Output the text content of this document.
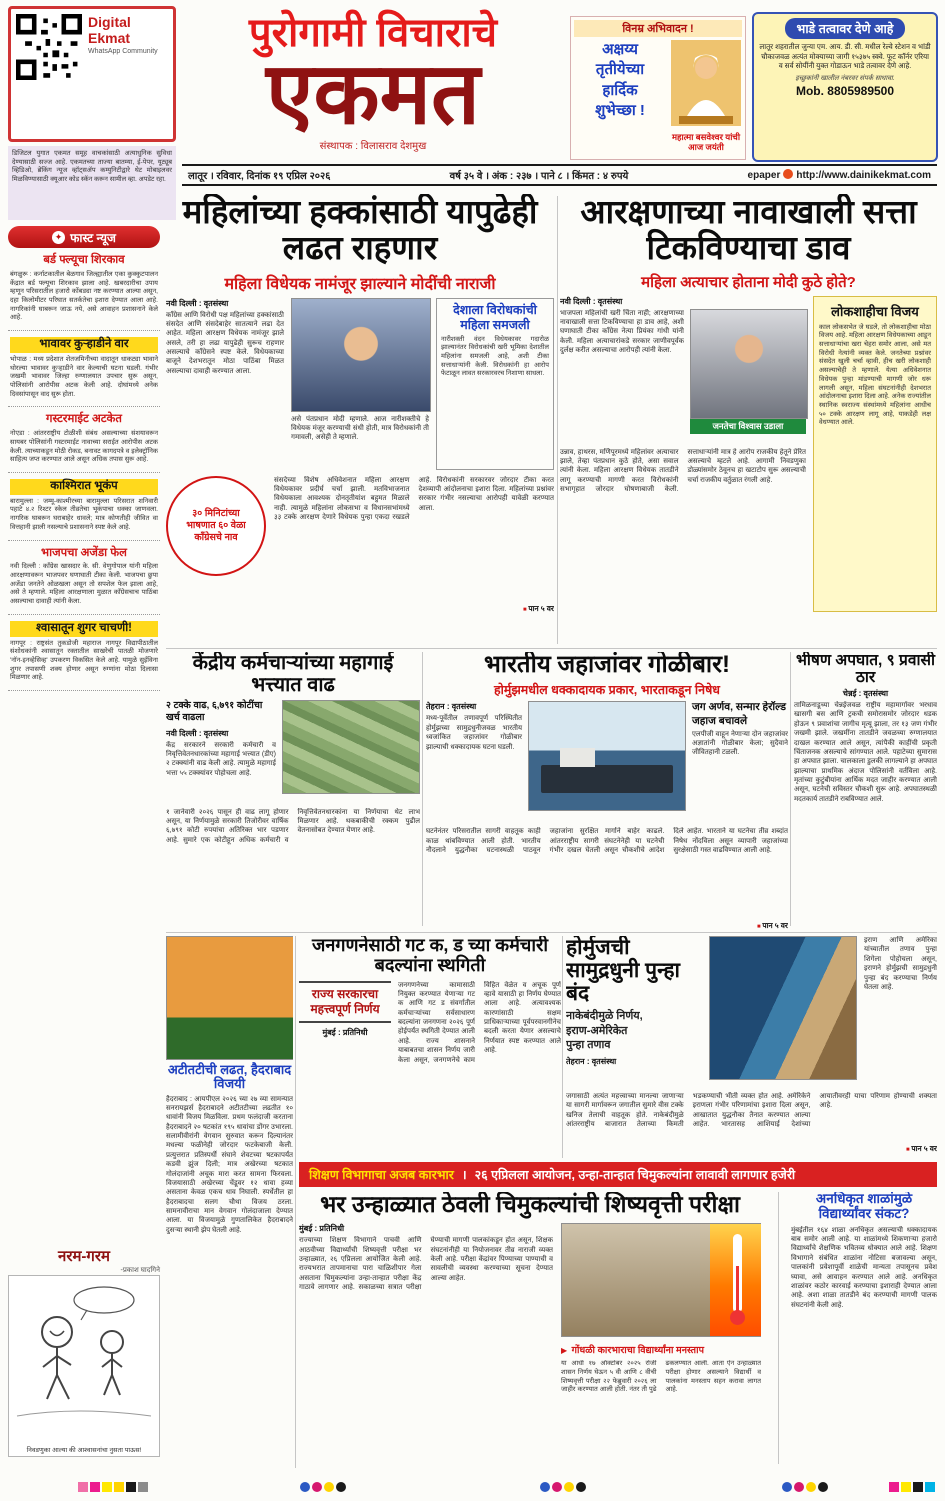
Digital Ekmat
WhatsApp Community
डिजिटल युगात एकमत समूह वाचकांसाठी अत्याधुनिक सुविधा देण्यासाठी सज्ज आहे. एकमतच्या ताज्या बातम्या, ई-पेपर, यूट्यूब व्हिडिओ, ब्रेकिंग न्यूज व्हॉट्सॲप कम्युनिटीद्वारे थेट मोबाइलवर मिळविण्यासाठी क्यूआर कोड स्कॅन करून सामील व्हा. अपडेट रहा.
पुरोगामी विचाराचे
एकमत
संस्थापक : विलासराव देशमुख
विनम्र अभिवादन !
अक्षय्य
तृतीयेच्या
हार्दिक
शुभेच्छा !
महात्मा बसवेश्वर यांची
आज जयंती
भाडे तत्वावर देणे आहे
लातूर शहरातील जुन्या एम. आय. डी. सी. मधील रेल्वे स्टेशन व भांडी चौकाजवळ अत्यंत मोक्याच्या जागी १५३७५ स्क्वे. फूट कॉर्नर एरिया व सर्व सोयींनी युक्त गोडाऊन भाडे तत्वावर देणे आहे.
इच्छुकांनी खालील नंबरवर संपर्क साधावा.
Mob. 8805989500
लातूर । रविवार, दिनांक १९ एप्रिल २०२६	वर्ष ३५ वे । अंक : २३७ । पाने ८ । किंमत : ४ रुपये	epaper http://www.dainikekmat.com
✦ फास्ट न्यूज
बर्ड फ्ल्यूचा शिरकाव
बंगळुरू : कर्नाटकातील बेळगाव जिल्ह्यातील एका कुक्कुटपालन केंद्रात बर्ड फ्ल्यूचा शिरकाव झाला आहे. खबरदारीचा उपाय म्हणून परिसरातील हजारो कोंबड्या नष्ट करण्यात आल्या असून, दहा किलोमीटर परिघात सतर्कतेचा इशारा देण्यात आला आहे. नागरिकांनी घाबरून जाऊ नये, असे आवाहन प्रशासनाने केले आहे.
भावावर कुऱ्हाडीने वार
भोपाळ : मध्य प्रदेशात शेतजमिनीच्या वादातून धाकट्या भावाने थोरल्या भावावर कुऱ्हाडीने वार केल्याची घटना घडली. गंभीर जखमी भावावर जिल्हा रुग्णालयात उपचार सुरू असून, पोलिसांनी आरोपीस अटक केली आहे. दोघांमध्ये अनेक दिवसांपासून वाद सुरू होता.
गस्टरमाईट अटकेत
नोएडा : आंतरराष्ट्रीय टोळीशी संबंध असल्याच्या संशयावरून सायबर पोलिसांनी गस्टरमाईट नावाच्या सराईत आरोपीस अटक केली. त्याच्याकडून मोठी रोकड, बनावट कागदपत्रे व इलेक्ट्रॉनिक साहित्य जप्त करण्यात आले असून अधिक तपास सुरू आहे.
काश्मिरात भूकंप
बारामुल्ला : जम्मू-काश्मीरच्या बारामुल्ला परिसरात शनिवारी पहाटे ४.२ रिश्टर स्केल तीव्रतेचा भूकंपाचा धक्का जाणवला. नागरिक घाबरून घराबाहेर धावले; मात्र कोणतीही जीवित वा वित्तहानी झाली नसल्याचे प्रशासनाने स्पष्ट केले आहे.
भाजपचा अजेंडा फेल
नवी दिल्ली : काँग्रेस खासदार के. सी. वेणुगोपाल यांनी महिला आरक्षणावरून भाजपवर घणाघाती टीका केली. भाजपचा छुपा अजेंडा जनतेने ओळखला असून तो सपशेल फेल झाला आहे, असे ते म्हणाले. महिला आरक्षणाला मुळात काँग्रेसचाच पाठिंबा असल्याचा दावाही त्यांनी केला.
श्वासातून शुगर चाचणी!
नागपूर : राष्ट्रसंत तुकडोजी महाराज नागपूर विद्यापीठातील संशोधकांनी श्वासातून रक्तातील साखरेची पातळी मोजणारे 'नॉन-इनव्हेसिव्ह' उपकरण विकसित केले आहे. यामुळे सुईविना शुगर तपासणी शक्य होणार असून रुग्णांना मोठा दिलासा मिळणार आहे.
नरम-गरम
-प्रकाश घादगिने
निवडणुका आल्या की आश्वासनांचा नुसता पाऊस!
महिलांच्या हक्कांसाठी यापुढेही लढत राहणार
महिला विधेयक नामंजूर झाल्याने मोदींची नाराजी
नवी दिल्ली : वृतसंस्था
काँग्रेस आणि विरोधी पक्ष महिलांच्या हक्कांसाठी संसदेत आणि संसदेबाहेर सातत्याने लढा देत आहेत. महिला आरक्षण विधेयक नामंजूर झाले असले, तरी हा लढा यापुढेही सुरूच राहणार असल्याचे काँग्रेसने स्पष्ट केले. विधेयकाच्या बाजूने देशभरातून मोठा पाठिंबा मिळत असल्याचा दावाही करण्यात आला.
असे पंतप्रधान मोदी म्हणाले. आज नारीशक्तीचे हे विधेयक मंजूर करण्याची संधी होती, मात्र विरोधकांनी ती गमावली, असेही ते म्हणाले.
देशाला विरोधकांची महिला समजली
नारीशक्ती वंदन विधेयकावर गदारोळ झाल्यानंतर विरोधकांची खरी भूमिका देशातील महिलांना समजली आहे, अशी टीका सत्ताधाऱ्यांनी केली. विरोधकांनी हा आरोप फेटाळून लावत सरकारवरच निशाणा साधला.
३० मिनिटांच्या भाषणात ६० वेळा काँग्रेसचे नाव
संसदेच्या विशेष अधिवेशनात महिला आरक्षण विधेयकावर प्रदीर्घ चर्चा झाली. मतविभाजनात विधेयकाला आवश्यक दोनतृतीयांश बहुमत मिळाले नाही. त्यामुळे महिलांना लोकसभा व विधानसभांमध्ये ३३ टक्के आरक्षण देणारे विधेयक पुन्हा एकदा रखडले आहे. विरोधकांनी सरकारवर जोरदार टीका करत देशव्यापी आंदोलनाचा इशारा दिला. महिलांच्या प्रश्नांवर सरकार गंभीर नसल्याचा आरोपही यावेळी करण्यात आला.
■ पान ५ वर
आरक्षणाच्या नावाखाली सत्ता टिकविण्याचा डाव
महिला अत्याचार होताना मोदी कुठे होते?
नवी दिल्ली : वृतसंस्था
भाजपला महिलांची खरी चिंता नाही; आरक्षणाच्या नावाखाली सत्ता टिकविण्याचा हा डाव आहे, अशी घणाघाती टीका काँग्रेस नेत्या प्रियंका गांधी यांनी केली. महिला अत्याचारांकडे सरकार जाणीवपूर्वक दुर्लक्ष करीत असल्याचा आरोपही त्यांनी केला.
जनतेचा विश्वास उडाला
उन्नाव, हाथरस, मणिपूरमध्ये महिलांवर अत्याचार झाले, तेव्हा पंतप्रधान कुठे होते, असा सवाल त्यांनी केला. महिला आरक्षण विधेयक तातडीने लागू करण्याची मागणी करत विरोधकांनी सभागृहात जोरदार घोषणाबाजी केली. सत्ताधाऱ्यांनी मात्र हे आरोप राजकीय हेतूने प्रेरित असल्याचे म्हटले आहे. आगामी निवडणुका डोळ्यांसमोर ठेवूनच हा खटाटोप सुरू असल्याची चर्चा राजकीय वर्तुळात रंगली आहे.
लोकशाहीचा विजय
काल लोकसभेत जे घडले, तो लोकशाहीचा मोठा विजय आहे. महिला आरक्षण विधेयकाच्या आडून सत्ताधाऱ्यांचा खरा चेहरा समोर आला, असे मत विरोधी नेत्यांनी व्यक्त केले. जनतेच्या प्रश्नांवर संसदेत खुली चर्चा व्हावी, हीच खरी लोकशाही असल्याचेही ते म्हणाले. येत्या अधिवेशनात विधेयक पुन्हा मांडण्याची मागणी जोर धरू लागली असून, महिला संघटनांनीही देशभरात आंदोलनाचा इशारा दिला आहे. अनेक राज्यांतील स्थानिक स्वराज्य संस्थांमध्ये महिलांना आधीच ५० टक्के आरक्षण लागू आहे, याकडेही लक्ष वेधण्यात आले.
केंद्रीय कर्मचाऱ्यांच्या महागाई भत्त्यात वाढ
२ टक्के वाढ, ६,७९१ कोटींचा खर्च वाढला
नवी दिल्ली : वृतसंस्था
केंद्र सरकारने सरकारी कर्मचारी व निवृत्तिवेतनधारकांच्या महागाई भत्त्यात (डीए) २ टक्क्यांनी वाढ केली आहे. त्यामुळे महागाई भत्ता ५५ टक्क्यांवर पोहोचला आहे.
१ जानेवारी २०२६ पासून ही वाढ लागू होणार असून, या निर्णयामुळे सरकारी तिजोरीवर वार्षिक ६,७९१ कोटी रुपयांचा अतिरिक्त भार पडणार आहे. सुमारे एक कोटीहून अधिक कर्मचारी व निवृत्तिवेतनधारकांना या निर्णयाचा थेट लाभ मिळणार आहे. थकबाकीची रक्कम पुढील वेतनासोबत देण्यात येणार आहे.
भारतीय जहाजांवर गोळीबार!
होर्मुझमधील धक्कादायक प्रकार, भारताकडून निषेध
तेहरान : वृतसंस्था
मध्य-पूर्वेतील तणावपूर्ण परिस्थितीत होर्मुझच्या सामुद्रधुनीजवळ भारतीय ध्वजांकित जहाजांवर गोळीबार झाल्याची धक्कादायक घटना घडली.
जग अर्णव, सन्मार हेरॉल्ड जहाज बचावले
एलपीजी वाहून नेणाऱ्या दोन जहाजांवर अज्ञातांनी गोळीबार केला; सुदैवाने जीवितहानी टळली.
घटनेनंतर परिसरातील सागरी वाहतूक काही काळ थांबविण्यात आली होती. भारतीय नौदलाने युद्धनौका घटनास्थळी पाठवून जहाजांना सुरक्षित मार्गाने बाहेर काढले. आंतरराष्ट्रीय सागरी संघटनेनेही या घटनेची गंभीर दखल घेतली असून चौकशीचे आदेश दिले आहेत. भारताने या घटनेचा तीव्र शब्दांत निषेध नोंदविला असून व्यापारी जहाजांच्या सुरक्षेसाठी गस्त वाढविण्यात आली आहे.
■ पान ५ वर
भीषण अपघात, ९ प्रवासी ठार
चेन्नई : वृतसंस्था
तामिळनाडूच्या चेन्नईजवळ राष्ट्रीय महामार्गावर भरधाव खासगी बस आणि ट्रकची समोरासमोर जोरदार धडक होऊन ९ प्रवाशांचा जागीच मृत्यू झाला, तर १३ जण गंभीर जखमी झाले. जखमींना तातडीने जवळच्या रुग्णालयात दाखल करण्यात आले असून, त्यांपैकी काहींची प्रकृती चिंताजनक असल्याचे सांगण्यात आले. पहाटेच्या सुमारास हा अपघात झाला. चालकाला डुलकी लागल्याने हा अपघात झाल्याचा प्राथमिक अंदाज पोलिसांनी वर्तविला आहे. मृतांच्या कुटुंबीयांना आर्थिक मदत जाहीर करण्यात आली असून, घटनेची सविस्तर चौकशी सुरू आहे. अपघातस्थळी मदतकार्य तातडीने राबविण्यात आले.
अटीतटीची लढत, हैदराबाद विजयी
हैदराबाद : आयपीएल २०२६ च्या २७ व्या सामन्यात सनरायझर्स हैदराबादने अटीतटीच्या लढतीत १० धावांनी विजय मिळविला. प्रथम फलंदाजी करताना हैदराबादने २० षटकांत १९५ धावांचा डोंगर उभारला. सलामीवीरांनी वेगवान सुरुवात करून दिल्यानंतर मधल्या फळीनेही जोरदार फटकेबाजी केली. प्रत्युत्तरात प्रतिस्पर्धी संघाने शेवटच्या षटकापर्यंत कडवी झुंज दिली; मात्र अखेरच्या षटकात गोलंदाजांनी अचूक मारा करत सामना फिरवला. विजयासाठी अखेरच्या चेंडूवर १२ धावा हव्या असताना केवळ एकच धाव निघाली. स्पर्धेतील हा हैदराबादचा सलग चौथा विजय ठरला. सामनावीराचा मान वेगवान गोलंदाजाला देण्यात आला. या विजयामुळे गुणतालिकेत हैदराबादने दुसऱ्या स्थानी झेप घेतली आहे.
जनगणनेसाठी गट क, ड च्या कर्मचारी बदल्यांना स्थगिती
राज्य सरकारचा महत्त्वपूर्ण निर्णय
मुंबई : प्रतिनिधी
जनगणनेच्या कामासाठी नियुक्त करण्यात येणाऱ्या गट क आणि गट ड संवर्गातील कर्मचाऱ्यांच्या सर्वसाधारण बदल्यांना जनगणना २०२६ पूर्ण होईपर्यंत स्थगिती देण्यात आली आहे. राज्य शासनाने याबाबतचा शासन निर्णय जारी केला असून, जनगणनेचे काम विहित वेळेत व अचूक पूर्ण व्हावे यासाठी हा निर्णय घेण्यात आला आहे. अत्यावश्यक कारणांसाठी सक्षम प्राधिकाऱ्याच्या पूर्वपरवानगीनेच बदली करता येणार असल्याचे निर्णयात स्पष्ट करण्यात आले आहे.
होर्मुजची सामुद्रधुनी पुन्हा बंद
नाकेबंदीमुळे निर्णय,
इराण-अमेरिकेत
पुन्हा तणाव
तेहरान : वृतसंस्था
इराण आणि अमेरिका यांच्यातील तणाव पुन्हा शिगेला पोहोचला असून, इराणने होर्मुझची सामुद्रधुनी पुन्हा बंद करण्याचा निर्णय घेतला आहे.
जगासाठी अत्यंत महत्त्वाच्या मानल्या जाणाऱ्या या सागरी मार्गावरून जगातील सुमारे वीस टक्के खनिज तेलाची वाहतूक होते. नाकेबंदीमुळे आंतरराष्ट्रीय बाजारात तेलाच्या किमती भडकण्याची भीती व्यक्त होत आहे. अमेरिकेने इराणला गंभीर परिणामांचा इशारा दिला असून, आखातात युद्धनौका तैनात करण्यात आल्या आहेत. भारतासह आशियाई देशांच्या आयातीवरही याचा परिणाम होण्याची शक्यता आहे.
■ पान ५ वर
शिक्षण विभागाचा अजब कारभार । २६ एप्रिलला आयोजन, उन्हा-तान्हात चिमुकल्यांना लावावी लागणार हजेरी
भर उन्हाळ्यात ठेवली चिमुकल्यांची शिष्यवृत्ती परीक्षा
मुंबई : प्रतिनिधी
राज्याच्या शिक्षण विभागाने पाचवी आणि आठवीच्या विद्यार्थ्यांची शिष्यवृत्ती परीक्षा भर उन्हाळ्यात, २६ एप्रिलला आयोजित केली आहे. राज्यभरात तापमानाचा पारा चाळिशीपार गेला असताना चिमुकल्यांना उन्हा-तान्हात परीक्षा केंद्र गाठावे लागणार आहे. सकाळच्या सत्रात परीक्षा घेण्याची मागणी पालकांकडून होत असून, शिक्षक संघटनांनीही या नियोजनावर तीव्र नाराजी व्यक्त केली आहे. परीक्षा केंद्रांवर पिण्याच्या पाण्याची व सावलीची व्यवस्था करण्याच्या सूचना देण्यात आल्या आहेत.
▶ गोंधळी कारभाराचा विद्यार्थ्यांना मनस्ताप
या आधी १७ ऑक्टोबर २०२५ रोजी शासन निर्णय घेऊन ५ वी आणि ८ वीची शिष्यवृत्ती परीक्षा २२ फेब्रुवारी २०२६ ला जाहीर करण्यात आली होती. नंतर ती पुढे ढकलण्यात आली. आता ऐन उन्हाळ्यात परीक्षा होणार असल्याने विद्यार्थी व पालकांना मनस्ताप सहन करावा लागत आहे.
अनधिकृत शाळांमुळे विद्यार्थ्यांवर संकट?
मुंबईतील १६४ शाळा अनधिकृत असल्याची धक्कादायक बाब समोर आली आहे. या शाळांमध्ये शिकणाऱ्या हजारो विद्यार्थ्यांचे शैक्षणिक भवितव्य धोक्यात आले आहे. शिक्षण विभागाने संबंधित शाळांना नोटिसा बजावल्या असून, पालकांनी प्रवेशापूर्वी शाळेची मान्यता तपासूनच प्रवेश घ्यावा, असे आवाहन करण्यात आले आहे. अनधिकृत शाळांवर कठोर कारवाई करण्याचा इशाराही देण्यात आला आहे. अशा शाळा तातडीने बंद करण्याची मागणी पालक संघटनांनी केली आहे.
